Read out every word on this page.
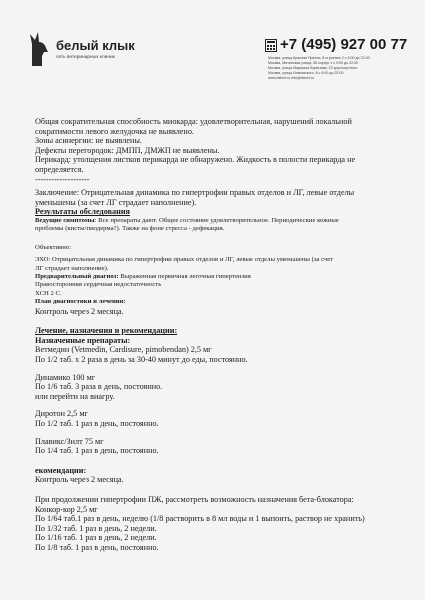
белый клык
сеть ветеринарных клиник
+7 (495) 927 00 77
Москва, улица Красная Пресня, 8 строение 2 с 9:00 до 22:00
Москва, Митинская улица, 55 корпус 1 с 9:00 до 22:00
Москва, улица Маршала Бирюзова, 22 круглосуточно
Москва, улица Исаковского, 8 с 9:00 до 22:00
www.bklvet.ru info@bklvet.ru
Общая сократительная способность миокарда: удовлетворительная, нарушений локальной
сократимости левого желудочка не выявлено.
Зоны асинергии: не выявлены.
Дефекты перегородок: ДМПП, ДМЖП не выявлены.
Перикард: утолщения листков перикарда не обнаружено. Жидкость в полости перикарда не
определяется.
--------------------
Заключение: Отрицательная динамика по гипертрофии правых отделов и ЛГ, левые отделы
уменьшены (за счет ЛГ страдает наполнение).
Результаты обследования
Ведущие симптомы: Все препараты дают. Общее состояние удовлетворительное. Периодические кожные
проблемы (кисты/пиодерма?). Также на фоне стресса - дефекация.
Объективно:
ЭХО: Отрицательная динамика по гипертрофии правых отделов и ЛГ, левые отделы уменьшены (за счет
ЛГ страдает наполнение).
Предварительный диагноз: Выраженная первичная легочная гипертензия
Правосторонняя сердечная недостаточность
ХСН 2 С.
План диагностики и лечения:
Контроль через 2 месяца.
Лечение, назначения и рекомендации:
Назначенные препараты:
Ветмедин (Vetmedin, Cardisure, pimobendan) 2,5 мг
По 1/2 таб. х 2 раза в день за 30-40 минут до еды, постоянно.
Динамико 100 мг
По 1/6 таб. 3 раза в день, постоянно.
или перейти на виагру.
Диротон 2,5 мг
По 1/2 таб. 1 раз в день, постоянно.
Плавикс/Зилт 75 мг
По 1/4 таб. 1 раз в день, постоянно.
екомендации:
Контроль через 2 месяца.
При продолжении гипертрофии ПЖ, рассмотреть возможность назначения бета-блокатора:
Конкор-кор 2,5 мг
По 1/64 таб.1 раз в день, неделю (1/8 растворить в 8 мл воды и 1 выпоить, раствор не хранить)
По 1/32 таб. 1 раз в день, 2 недели.
По 1/16 таб. 1 раз в день, 2 недели.
По 1/8 таб. 1 раз в день, постоянно.
